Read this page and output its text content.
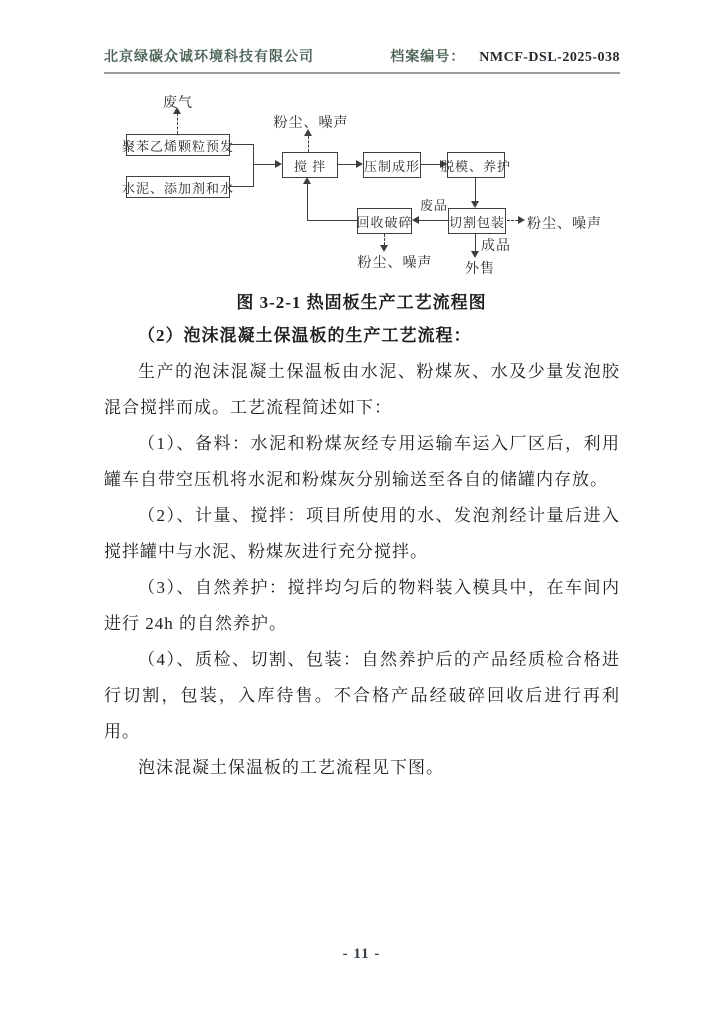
北京绿碳众诚环境科技有限公司	档案编号： NMCF-DSL-2025-038
废气
聚苯乙烯颗粒预发
水泥、添加剂和水
粉尘、噪声
搅 拌	压制成形 脱模、养护
切割包装
废品
回收破碎
粉尘、噪声
粉尘、噪声
成品
外售
图 3-2-1 热固板生产工艺流程图

（2）泡沫混凝土保温板的生产工艺流程：

生产的泡沫混凝土保温板由水泥、粉煤灰、水及少量发泡胶混合搅拌而成。工艺流程简述如下：

（1）、备料：水泥和粉煤灰经专用运输车运入厂区后，利用罐车自带空压机将水泥和粉煤灰分别输送至各自的储罐内存放。

（2）、计量、搅拌：项目所使用的水、发泡剂经计量后进入搅拌罐中与水泥、粉煤灰进行充分搅拌。

（3）、自然养护：搅拌均匀后的物料装入模具中，在车间内进行 24h 的自然养护。

（4）、质检、切割、包装：自然养护后的产品经质检合格进行切割，包装，入库待售。不合格产品经破碎回收后进行再利用。

泡沫混凝土保温板的工艺流程见下图。

- 11 -
